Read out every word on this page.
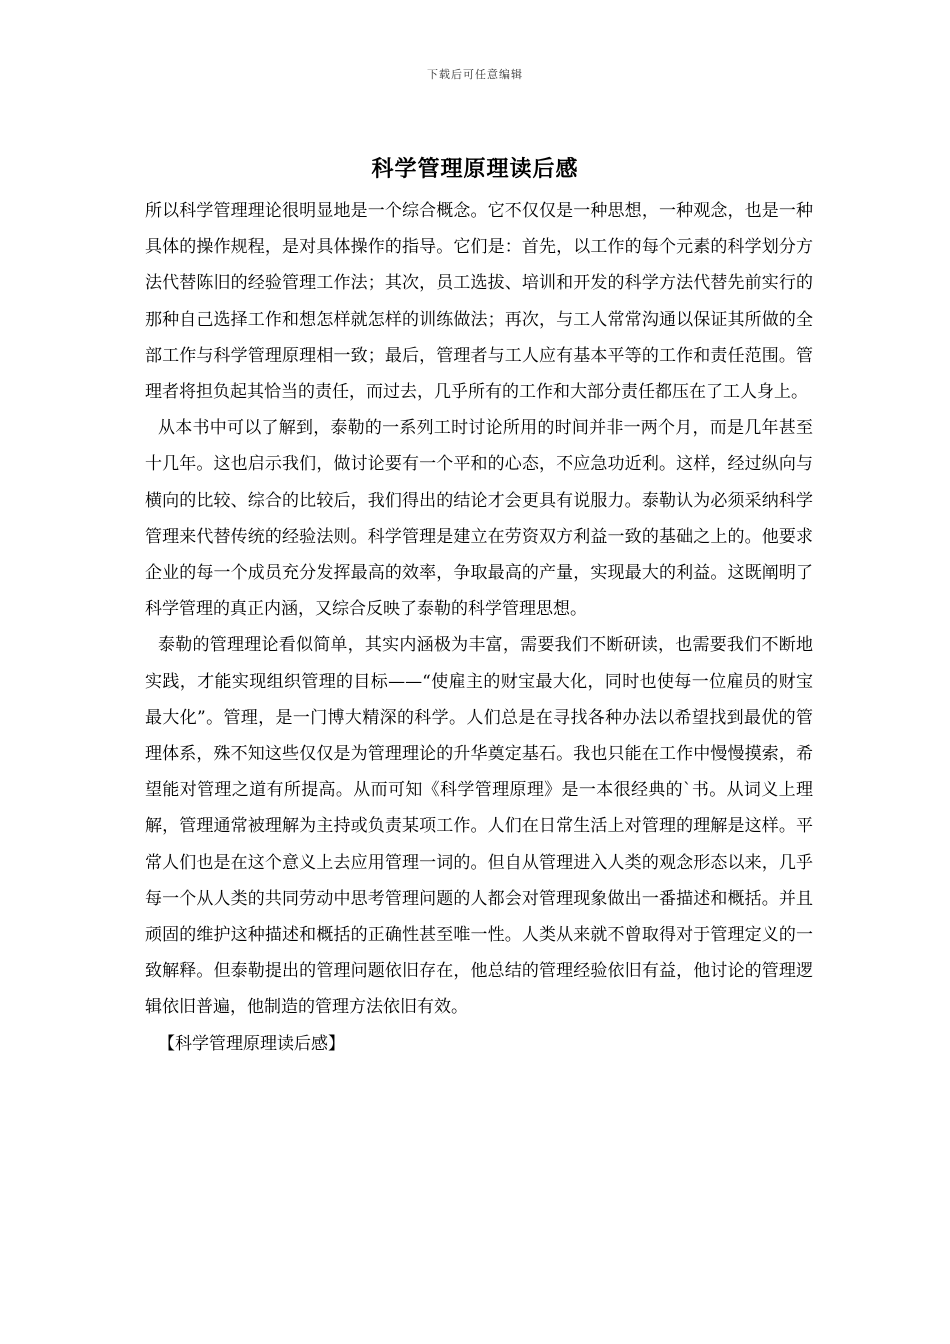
下载后可任意编辑
科学管理原理读后感

所以科学管理理论很明显地是一个综合概念。它不仅仅是一种思想，一种观念，也是一种具体的操作规程，是对具体操作的指导。它们是：首先，以工作的每个元素的科学划分方法代替陈旧的经验管理工作法；其次，员工选拔、培训和开发的科学方法代替先前实行的那种自己选择工作和想怎样就怎样的训练做法；再次，与工人常常沟通以保证其所做的全部工作与科学管理原理相一致；最后，管理者与工人应有基本平等的工作和责任范围。管理者将担负起其恰当的责任，而过去，几乎所有的工作和大部分责任都压在了工人身上。

从本书中可以了解到，泰勒的一系列工时讨论所用的时间并非一两个月，而是几年甚至十几年。这也启示我们，做讨论要有一个平和的心态，不应急功近利。这样，经过纵向与横向的比较、综合的比较后，我们得出的结论才会更具有说服力。泰勒认为必须采纳科学管理来代替传统的经验法则。科学管理是建立在劳资双方利益一致的基础之上的。他要求企业的每一个成员充分发挥最高的效率，争取最高的产量，实现最大的利益。这既阐明了科学管理的真正内涵，又综合反映了泰勒的科学管理思想。

泰勒的管理理论看似简单，其实内涵极为丰富，需要我们不断研读，也需要我们不断地实践，才能实现组织管理的目标——“使雇主的财宝最大化，同时也使每一位雇员的财宝最大化”。管理，是一门博大精深的科学。人们总是在寻找各种办法以希望找到最优的管理体系，殊不知这些仅仅是为管理理论的升华奠定基石。我也只能在工作中慢慢摸索，希望能对管理之道有所提高。从而可知《科学管理原理》是一本很经典的`书。从词义上理解，管理通常被理解为主持或负责某项工作。人们在日常生活上对管理的理解是这样。平常人们也是在这个意义上去应用管理一词的。但自从管理进入人类的观念形态以来，几乎每一个从人类的共同劳动中思考管理问题的人都会对管理现象做出一番描述和概括。并且顽固的维护这种描述和概括的正确性甚至唯一性。人类从来就不曾取得对于管理定义的一致解释。但泰勒提出的管理问题依旧存在，他总结的管理经验依旧有益，他讨论的管理逻辑依旧普遍，他制造的管理方法依旧有效。

【科学管理原理读后感】
